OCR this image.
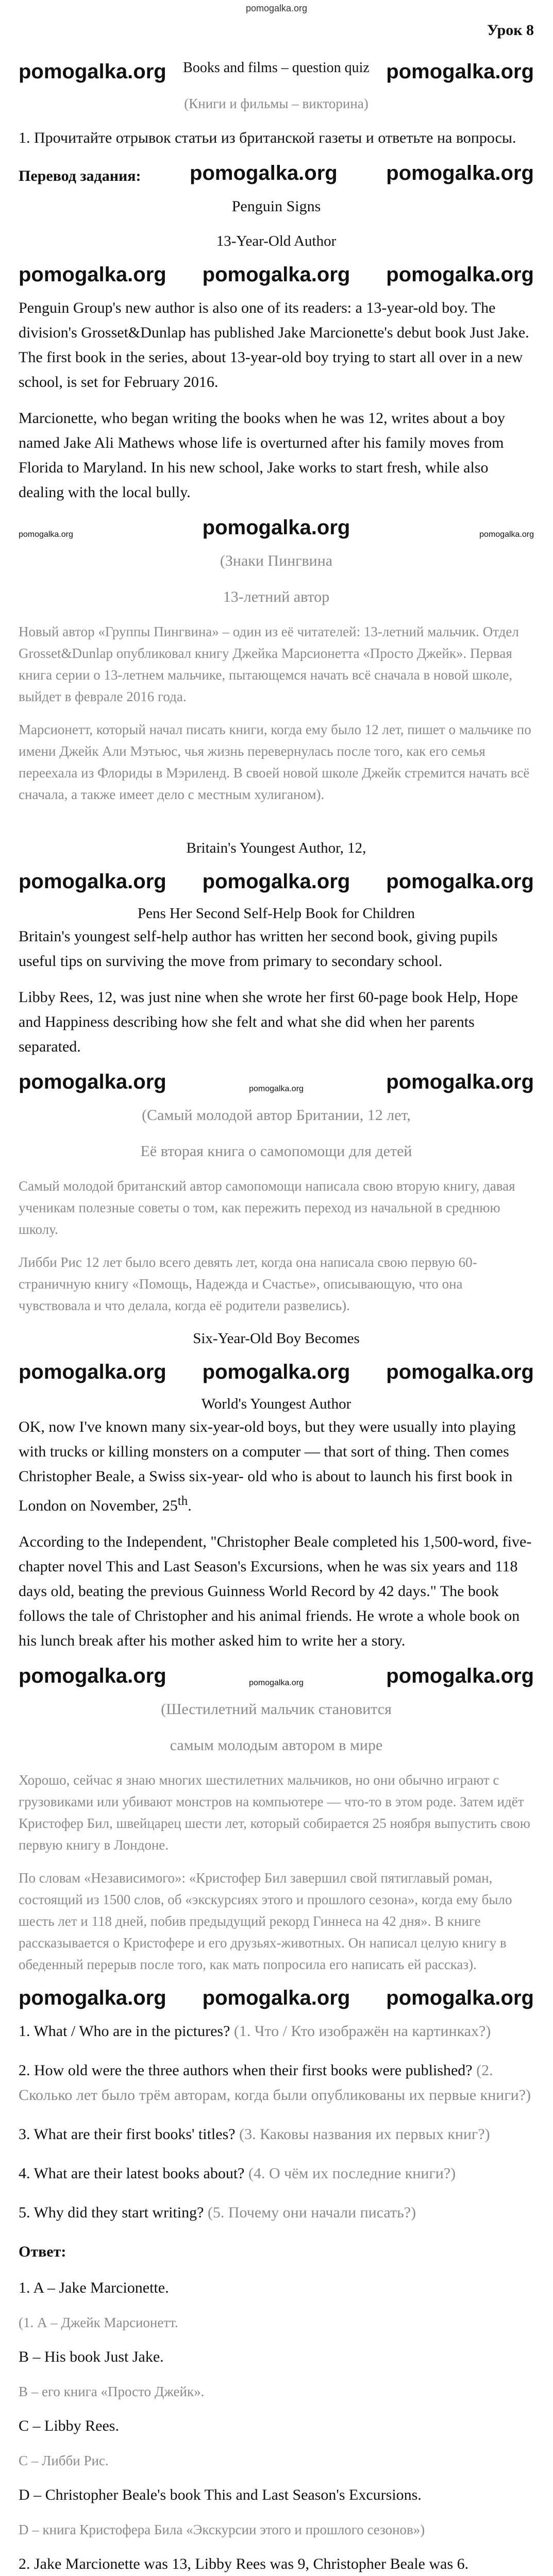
pomogalka.org
Урок 8
pomogalka.org Books and films – question quiz pomogalka.org

(Книги и фильмы – викторина)

1. Прочитайте отрывок статьи из британской газеты и ответьте на вопросы.

Перевод задания: pomogalka.org pomogalka.org

Penguin Signs

13-Year-Old Author

pomogalka.org pomogalka.org pomogalka.org

Penguin Group's new author is also one of its readers: a 13-year-old boy. The division's Grosset&Dunlap has published Jake Marcionette's debut book Just Jake. The first book in the series, about 13-year-old boy trying to start all over in a new school, is set for February 2016.

Marcionette, who began writing the books when he was 12, writes about a boy named Jake Ali Mathews whose life is overturned after his family moves from Florida to Maryland. In his new school, Jake works to start fresh, while also dealing with the local bully.

pomogalka.org	pomogalka.org	pomogalka.org

(Знаки Пингвина

13-летний автор

Новый автор «Группы Пингвина» – один из её читателей: 13-летний мальчик. Отдел Grosset&Dunlap опубликовал книгу Джейка Марсионетта «Просто Джейк». Первая книга серии о 13-летнем мальчике, пытающемся начать всё сначала в новой школе, выйдет в феврале 2016 года.

Марсионетт, который начал писать книги, когда ему было 12 лет, пишет о мальчике по имени Джейк Али Мэтьюс, чья жизнь перевернулась после того, как его семья переехала из Флориды в Мэриленд. В своей новой школе Джейк стремится начать всё сначала, а также имеет дело с местным хулиганом).

Britain's Youngest Author, 12,

pomogalka.org pomogalka.org pomogalka.org

Pens Her Second Self-Help Book for Children

Britain's youngest self-help author has written her second book, giving pupils useful tips on surviving the move from primary to secondary school.

Libby Rees, 12, was just nine when she wrote her first 60-page book Help, Hope and Happiness describing how she felt and what she did when her parents separated.

pomogalka.org	pomogalka.org	pomogalka.org

(Самый молодой автор Британии, 12 лет,

Её вторая книга о самопомощи для детей

Самый молодой британский автор самопомощи написала свою вторую книгу, давая ученикам полезные советы о том, как пережить переход из начальной в среднюю школу.

Либби Рис 12 лет было всего девять лет, когда она написала свою первую 60-страничную книгу «Помощь, Надежда и Счастье», описывающую, что она чувствовала и что делала, когда её родители развелись).

Six-Year-Old Boy Becomes

pomogalka.org pomogalka.org pomogalka.org

World's Youngest Author

OK, now I've known many six-year-old boys, but they were usually into playing with trucks or killing monsters on a computer — that sort of thing. Then comes Christopher Beale, a Swiss six-year- old who is about to launch his first book in London on November, 25th.

According to the Independent, "Christopher Beale completed his 1,500-word, five-chapter novel This and Last Season's Excursions, when he was six years and 118 days old, beating the previous Guinness World Record by 42 days." The book follows the tale of Christopher and his animal friends. He wrote a whole book on his lunch break after his mother asked him to write her a story.

pomogalka.org	pomogalka.org	pomogalka.org

(Шестилетний мальчик становится

самым молодым автором в мире

Хорошо, сейчас я знаю многих шестилетних мальчиков, но они обычно играют с грузовиками или убивают монстров на компьютере — что-то в этом роде. Затем идёт Кристофер Бил, швейцарец шести лет, который собирается 25 ноября выпустить свою первую книгу в Лондоне.

По словам «Независимого»: «Кристофер Бил завершил свой пятиглавый роман, состоящий из 1500 слов, об «экскурсиях этого и прошлого сезона», когда ему было шесть лет и 118 дней, побив предыдущий рекорд Гиннеса на 42 дня». В книге рассказывается о Кристофере и его друзьях-животных. Он написал целую книгу в обеденный перерыв после того, как мать попросила его написать ей рассказ).

pomogalka.org pomogalka.org pomogalka.org

1. What / Who are in the pictures? (1. Что / Кто изображён на картинках?)

2. How old were the three authors when their first books were published? (2. Сколько лет было трём авторам, когда были опубликованы их первые книги?)

3. What are their first books' titles? (3. Каковы названия их первых книг?)

4. What are their latest books about? (4. О чём их последние книги?)

5. Why did they start writing? (5. Почему они начали писать?)

Ответ:

1. A – Jake Marcionette.

(1. А – Джейк Марсионетт.

B – His book Just Jake.

В – его книга «Просто Джейк».

C – Libby Rees.

С – Либби Рис.

D – Christopher Beale's book This and Last Season's Excursions.

D – книга Кристофера Била «Экскурсии этого и прошлого сезонов»)

2. Jake Marcionette was 13, Libby Rees was 9, Christopher Beale was 6.
